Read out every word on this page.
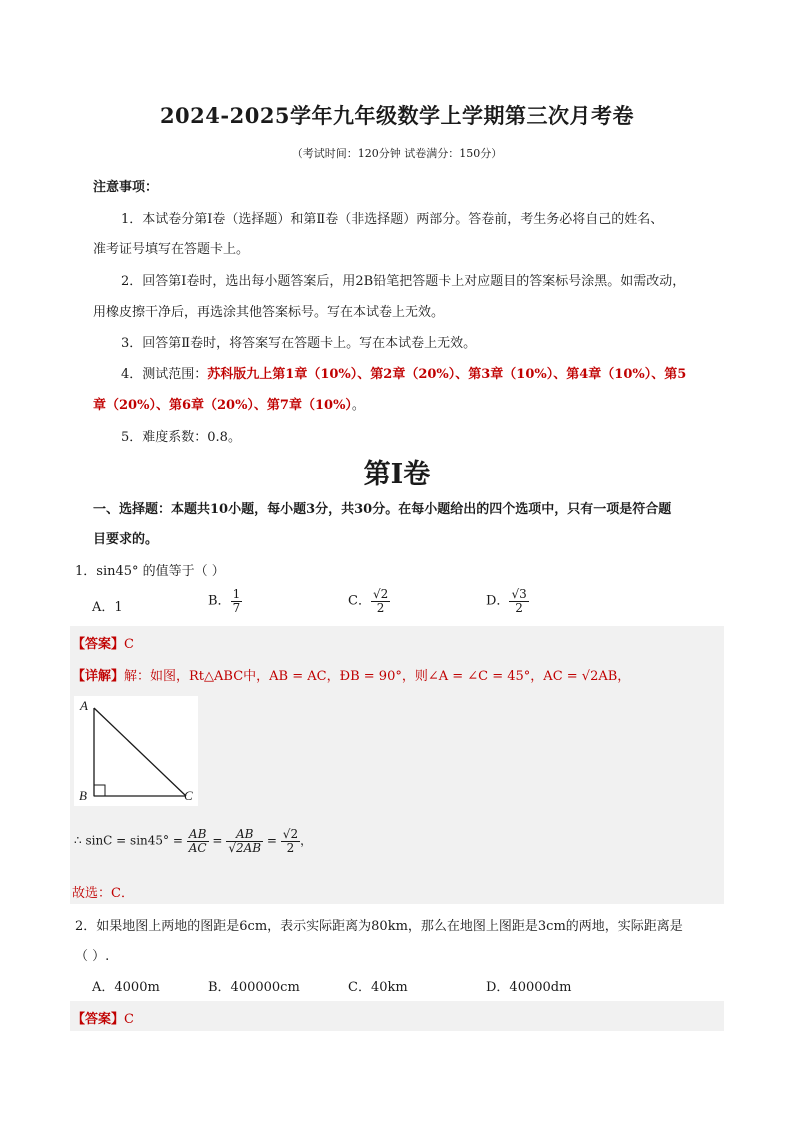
2024-2025学年九年级数学上学期第三次月考卷
（考试时间：120分钟 试卷满分：150分）
注意事项：
1．本试卷分第Ⅰ卷（选择题）和第Ⅱ卷（非选择题）两部分。答卷前，考生务必将自己的姓名、
准考证号填写在答题卡上。
2．回答第Ⅰ卷时，选出每小题答案后，用2B铅笔把答题卡上对应题目的答案标号涂黑。如需改动，
用橡皮擦干净后，再选涂其他答案标号。写在本试卷上无效。
3．回答第Ⅱ卷时，将答案写在答题卡上。写在本试卷上无效。
4．测试范围：苏科版九上第1章（10%）、第2章（20%）、第3章（10%）、第4章（10%）、第5
章（20%）、第6章（20%）、第7章（10%）。
5．难度系数：0.8。
第Ⅰ卷
一、选择题：本题共10小题，每小题3分，共30分。在每小题给出的四个选项中，只有一项是符合题
目要求的。
1．sin45° 的值等于（ ）
A．1	B． $\frac{1}{7}$	C． $\frac{√2}{2}$	D． $\frac{√3}{2}$
【答案】C
【详解】解：如图，Rt△ABC中，AB = AC，ÐB = 90°，则∠A = ∠C = 45°，AC = √2AB，
A
B	C
∴ $\sin C = \sin 45^\circ = \frac{AB}{AC} = \frac{AB}{√2AB} = \frac{√2}{2}$ ，
故选：C．
2．如果地图上两地的图距是6cm，表示实际距离为80km，那么在地图上图距是3cm的两地，实际距离是
（ ）.
A．4000m	B．400000cm	C．40km	D．40000dm
【答案】C
